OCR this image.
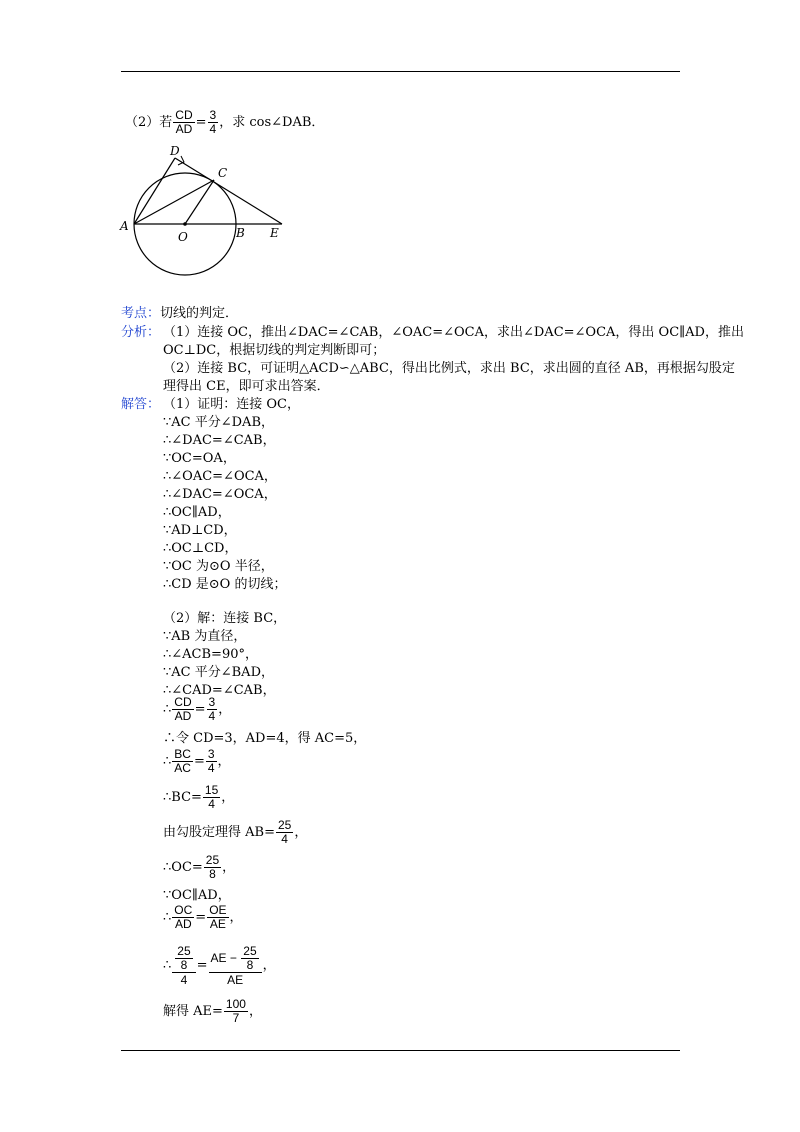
（2）若 $\frac{CD}{AD} = \frac{3}{4}$ ，求 cos∠DAB．
A	B
C
D
E
O
考点：切线的判定．
分析： （1）连接 OC，推出∠DAC=∠CAB，∠OAC=∠OCA，求出∠DAC=∠OCA，得出 OC∥AD，推出
OC⊥DC，根据切线的判定判断即可；
（2）连接 BC，可证明△ACD∽△ABC，得出比例式，求出 BC，求出圆的直径 AB，再根据勾股定
理得出 CE，即可求出答案．
解答： （1）证明：连接 OC，
∵AC 平分∠DAB，
∴∠DAC=∠CAB，
∵OC=OA，
∴∠OAC=∠OCA，
∴∠DAC=∠OCA，
∴OC∥AD，
∵AD⊥CD，
∴OC⊥CD，
∵OC 为⊙O 半径，
∴CD 是⊙O 的切线；
（2）解：连接 BC，
∵AB 为直径，
∴∠ACB=90°，
∵AC 平分∠BAD，
∴∠CAD=∠CAB，
∴ $\frac{CD}{AD} = \frac{3}{4}$ ，
∴令 CD=3，AD=4，得 AC=5，
∴ $\frac{BC}{AC} = \frac{3}{4}$ ，
∴BC= $\frac{15}{4}$ ，
由勾股定理得 $AB= \frac{25}{4}$ ，
∴OC= $\frac{25}{8}$ ，
∵OC∥AD，
∴ $\frac{OC}{AD} = \frac{OE}{AE}$ ，
∴ $\frac{\frac{25}{8}}{4}$ = AE
−
$\frac{25}{8}$
AE ，
解得 $AE= \frac{100}{7}$ ，
